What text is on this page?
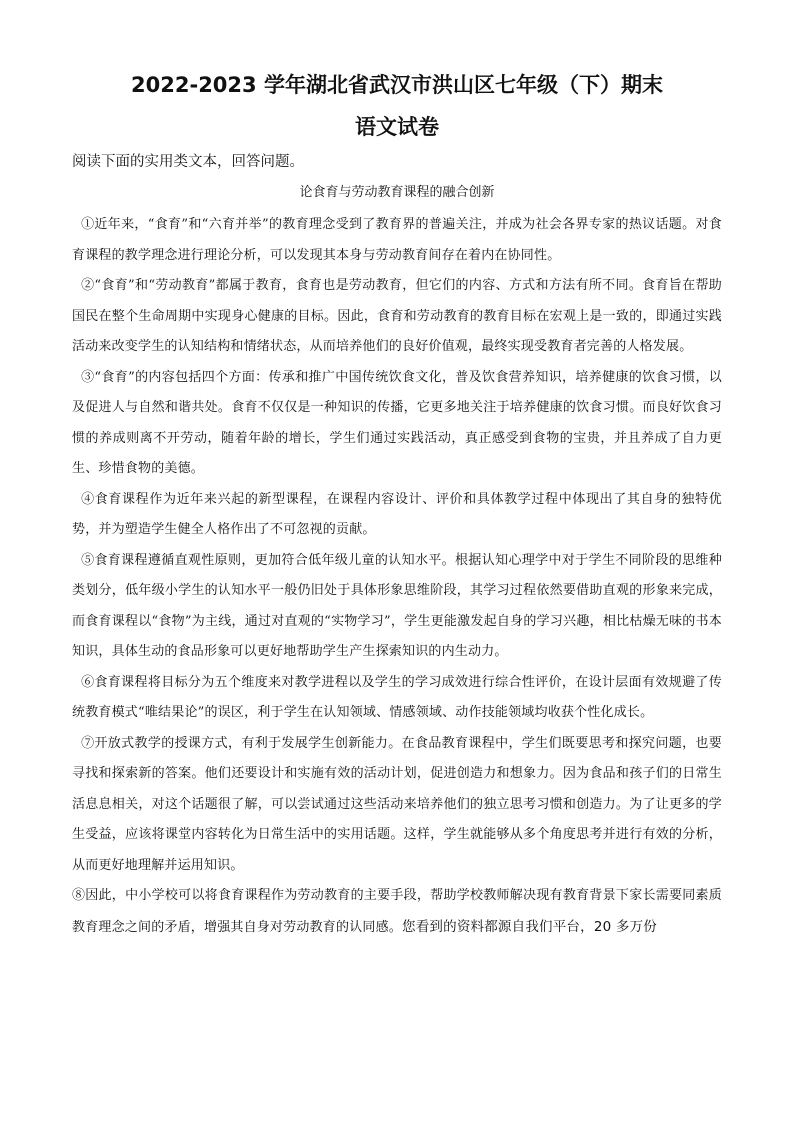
2022-2023 学年湖北省武汉市洪山区七年级（下）期末
语文试卷
阅读下面的实用类文本，回答问题。
论食育与劳动教育课程的融合创新

①近年来，“食育”和“六育并举”的教育理念受到了教育界的普遍关注，并成为社会各界专家的热议话题。对食育课程的教学理念进行理论分析，可以发现其本身与劳动教育间存在着内在协同性。

②“食育”和“劳动教育”都属于教育，食育也是劳动教育，但它们的内容、方式和方法有所不同。食育旨在帮助国民在整个生命周期中实现身心健康的目标。因此，食育和劳动教育的教育目标在宏观上是一致的，即通过实践活动来改变学生的认知结构和情绪状态，从而培养他们的良好价值观，最终实现受教育者完善的人格发展。

③“食育”的内容包括四个方面：传承和推广中国传统饮食文化，普及饮食营养知识，培养健康的饮食习惯，以及促进人与自然和谐共处。食育不仅仅是一种知识的传播，它更多地关注于培养健康的饮食习惯。而良好饮食习惯的养成则离不开劳动，随着年龄的增长，学生们通过实践活动，真正感受到食物的宝贵，并且养成了自力更生、珍惜食物的美德。

④食育课程作为近年来兴起的新型课程，在课程内容设计、评价和具体教学过程中体现出了其自身的独特优势，并为塑造学生健全人格作出了不可忽视的贡献。

⑤食育课程遵循直观性原则，更加符合低年级儿童的认知水平。根据认知心理学中对于学生不同阶段的思维种类划分，低年级小学生的认知水平一般仍旧处于具体形象思维阶段，其学习过程依然要借助直观的形象来完成，而食育课程以“食物”为主线，通过对直观的“实物学习”，学生更能激发起自身的学习兴趣，相比枯燥无味的书本知识，具体生动的食品形象可以更好地帮助学生产生探索知识的内生动力。

⑥食育课程将目标分为五个维度来对教学进程以及学生的学习成效进行综合性评价，在设计层面有效规避了传统教育模式“唯结果论”的误区，利于学生在认知领域、情感领域、动作技能领域均收获个性化成长。

⑦开放式教学的授课方式，有利于发展学生创新能力。在食品教育课程中，学生们既要思考和探究问题，也要寻找和探索新的答案。他们还要设计和实施有效的活动计划，促进创造力和想象力。因为食品和孩子们的日常生活息息相关，对这个话题很了解，可以尝试通过这些活动来培养他们的独立思考习惯和创造力。为了让更多的学生受益，应该将课堂内容转化为日常生活中的实用话题。这样，学生就能够从多个角度思考并进行有效的分析，从而更好地理解并运用知识。

⑧因此，中小学校可以将食育课程作为劳动教育的主要手段，帮助学校教师解决现有教育背景下家长需要同素质教育理念之间的矛盾，增强其自身对劳动教育的认同感。您看到的资料都源自我们平台，20 多万份
